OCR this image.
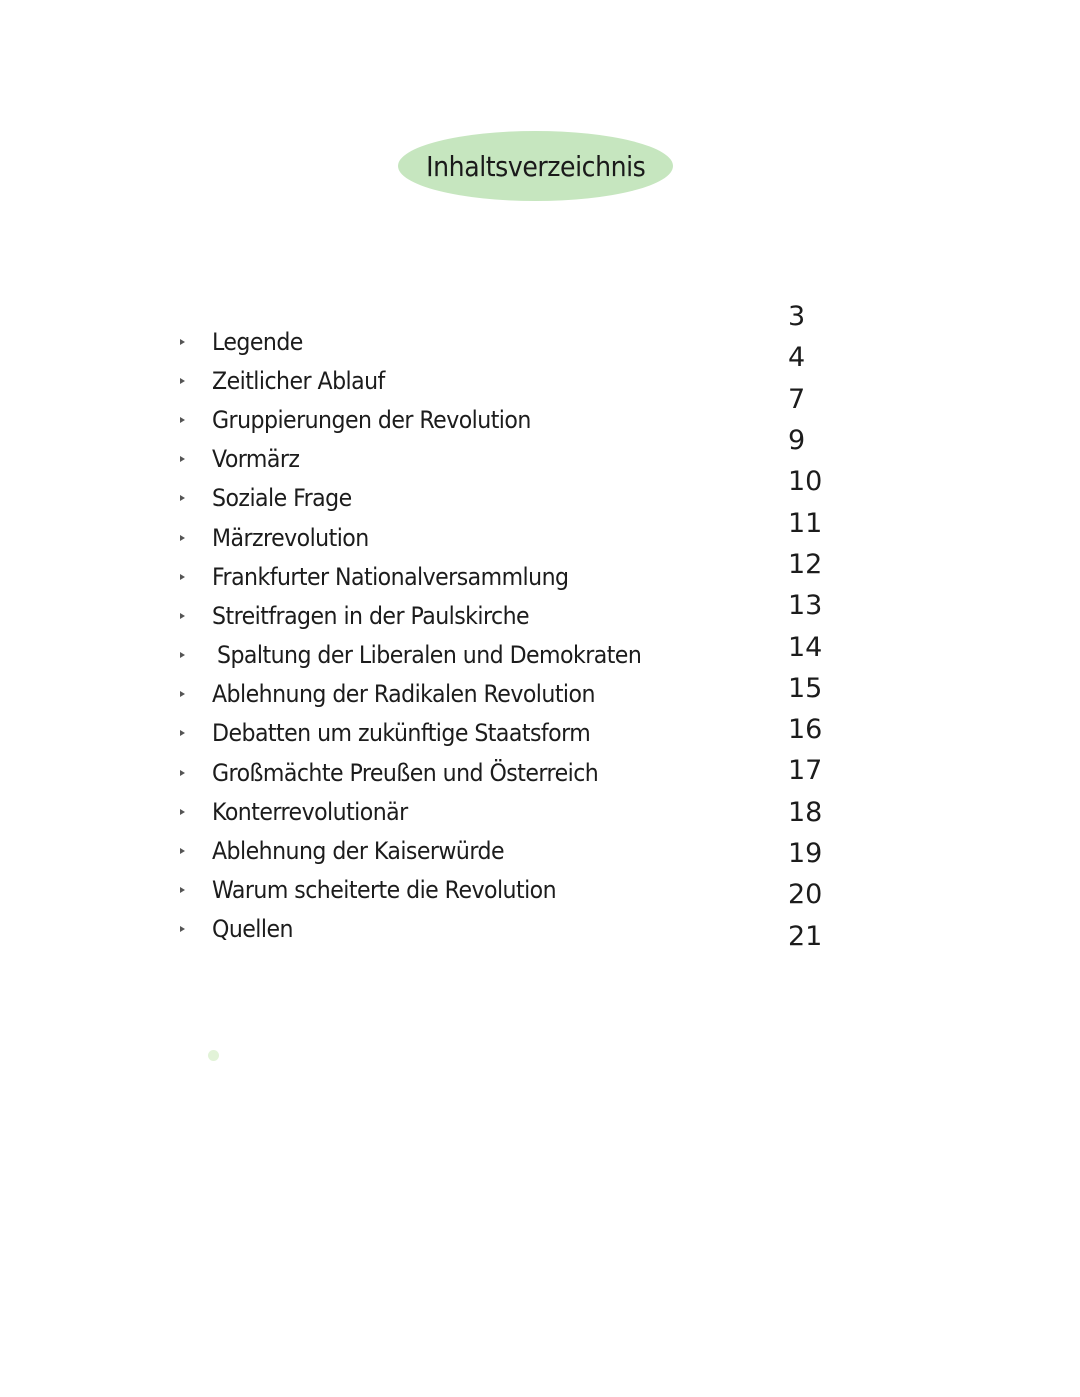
Inhaltsverzeichnis
Legende
Zeitlicher Ablauf
Gruppierungen der Revolution
Vormärz
Soziale Frage
Märzrevolution
Frankfurter Nationalversammlung
Streitfragen in der Paulskirche
Spaltung der Liberalen und Demokraten
Ablehnung der Radikalen Revolution
Debatten um zukünftige Staatsform
Großmächte Preußen und Österreich
Konterrevolutionär
Ablehnung der Kaiserwürde
Warum scheiterte die Revolution
Quellen
3
4
7
9
10
11
12
13
14
15
16
17
18
19
20
21
